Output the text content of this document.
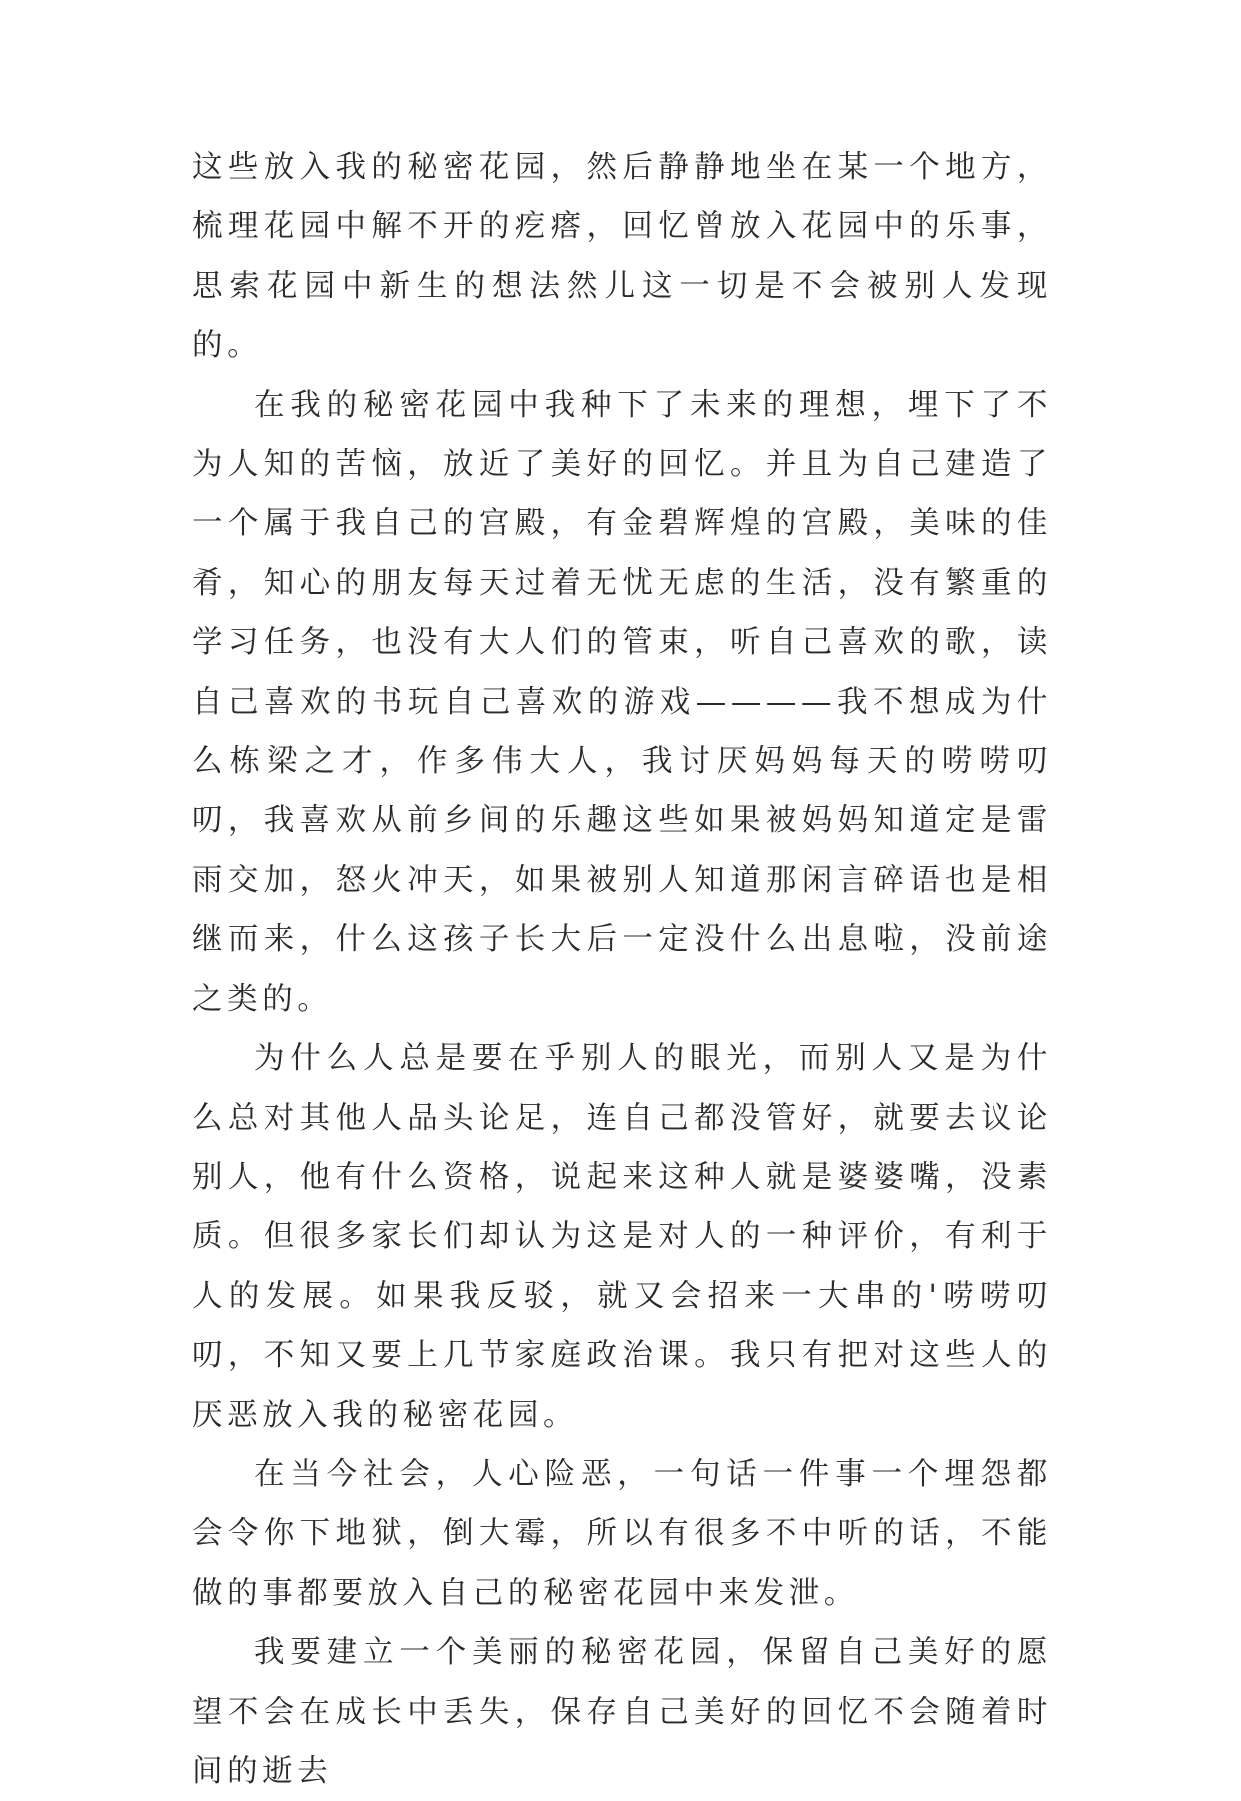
这些放入我的秘密花园，然后静静地坐在某一个地方，梳理花园中解不开的疙瘩，回忆曾放入花园中的乐事，思索花园中新生的想法然儿这一切是不会被别人发现的。

在我的秘密花园中我种下了未来的理想，埋下了不为人知的苦恼，放近了美好的回忆。并且为自己建造了一个属于我自己的宫殿，有金碧辉煌的宫殿，美味的佳肴，知心的朋友每天过着无忧无虑的生活，没有繁重的学习任务，也没有大人们的管束，听自己喜欢的歌，读自己喜欢的书玩自己喜欢的游戏————我不想成为什么栋梁之才，作多伟大人，我讨厌妈妈每天的唠唠叨叨，我喜欢从前乡间的乐趣这些如果被妈妈知道定是雷雨交加，怒火冲天，如果被别人知道那闲言碎语也是相继而来，什么这孩子长大后一定没什么出息啦，没前途之类的。

为什么人总是要在乎别人的眼光，而别人又是为什么总对其他人品头论足，连自己都没管好，就要去议论别人，他有什么资格，说起来这种人就是婆婆嘴，没素质。但很多家长们却认为这是对人的一种评价，有利于人的发展。如果我反驳，就又会招来一大串的'唠唠叨叨，不知又要上几节家庭政治课。我只有把对这些人的厌恶放入我的秘密花园。

在当今社会，人心险恶，一句话一件事一个埋怨都会令你下地狱，倒大霉，所以有很多不中听的话，不能做的事都要放入自己的秘密花园中来发泄。

我要建立一个美丽的秘密花园，保留自己美好的愿望不会在成长中丢失，保存自己美好的回忆不会随着时间的逝去
